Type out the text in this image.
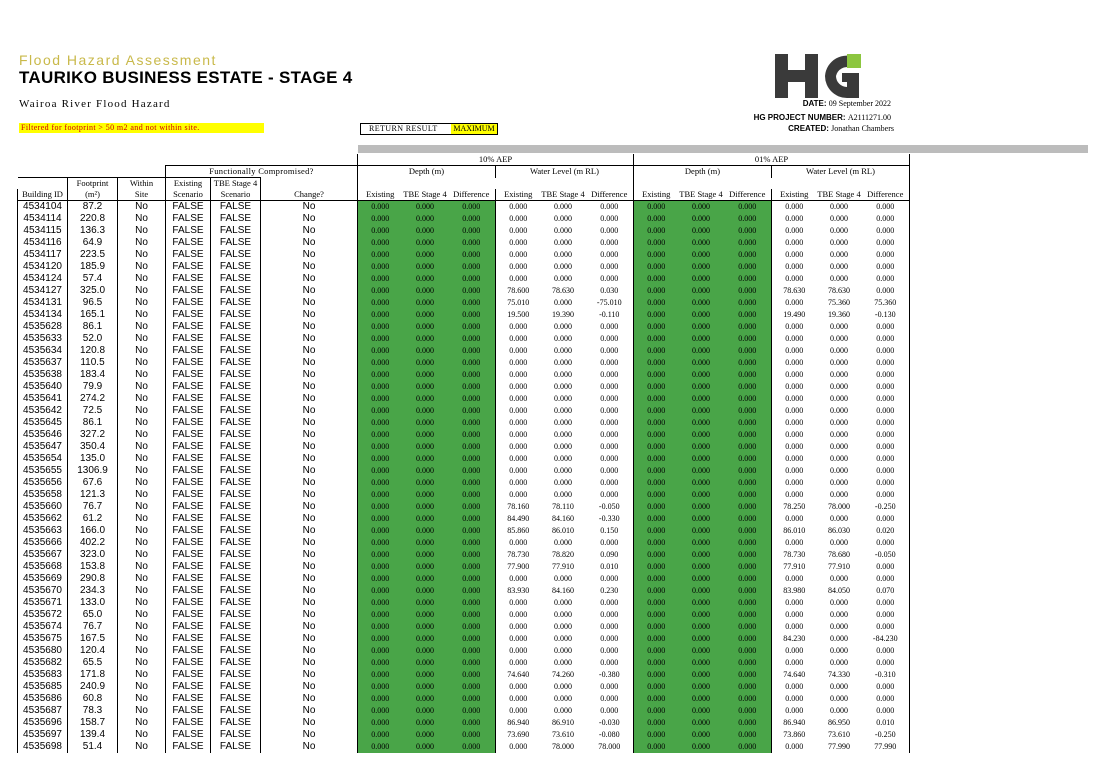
Flood Hazard Assessment
TAURIKO BUSINESS ESTATE - STAGE 4
Wairoa River Flood Hazard
Filtered for footprint > 50 m2 and not within site.	RETURN RESULT MAXIMUM
DATE: 09 September 2022
HG PROJECT NUMBER: A2111271.00
CREATED: Jonathan Chambers
						10% AEP						01% AEP					
			Functionally Compromised?			Depth (m)			Water Level (m RL)			Depth (m)			Water Level (m RL)		
	Footprint	Within	Existing	TBE Stage 4													
Building ID	(m²)	Site	Scenario	Scenario	Change?	Existing	TBE Stage 4	Difference	Existing	TBE Stage 4	Difference	Existing	TBE Stage 4	Difference	Existing	TBE Stage 4	Difference
4534104	87.2	No	FALSE	FALSE	No	0.000	0.000	0.000	0.000	0.000	0.000	0.000	0.000	0.000	0.000	0.000	0.000
4534114	220.8	No	FALSE	FALSE	No	0.000	0.000	0.000	0.000	0.000	0.000	0.000	0.000	0.000	0.000	0.000	0.000
4534115	136.3	No	FALSE	FALSE	No	0.000	0.000	0.000	0.000	0.000	0.000	0.000	0.000	0.000	0.000	0.000	0.000
4534116	64.9	No	FALSE	FALSE	No	0.000	0.000	0.000	0.000	0.000	0.000	0.000	0.000	0.000	0.000	0.000	0.000
4534117	223.5	No	FALSE	FALSE	No	0.000	0.000	0.000	0.000	0.000	0.000	0.000	0.000	0.000	0.000	0.000	0.000
4534120	185.9	No	FALSE	FALSE	No	0.000	0.000	0.000	0.000	0.000	0.000	0.000	0.000	0.000	0.000	0.000	0.000
4534124	57.4	No	FALSE	FALSE	No	0.000	0.000	0.000	0.000	0.000	0.000	0.000	0.000	0.000	0.000	0.000	0.000
4534127	325.0	No	FALSE	FALSE	No	0.000	0.000	0.000	78.600	78.630	0.030	0.000	0.000	0.000	78.630	78.630	0.000
4534131	96.5	No	FALSE	FALSE	No	0.000	0.000	0.000	75.010	0.000	-75.010	0.000	0.000	0.000	0.000	75.360	75.360
4534134	165.1	No	FALSE	FALSE	No	0.000	0.000	0.000	19.500	19.390	-0.110	0.000	0.000	0.000	19.490	19.360	-0.130
4535628	86.1	No	FALSE	FALSE	No	0.000	0.000	0.000	0.000	0.000	0.000	0.000	0.000	0.000	0.000	0.000	0.000
4535633	52.0	No	FALSE	FALSE	No	0.000	0.000	0.000	0.000	0.000	0.000	0.000	0.000	0.000	0.000	0.000	0.000
4535634	120.8	No	FALSE	FALSE	No	0.000	0.000	0.000	0.000	0.000	0.000	0.000	0.000	0.000	0.000	0.000	0.000
4535637	110.5	No	FALSE	FALSE	No	0.000	0.000	0.000	0.000	0.000	0.000	0.000	0.000	0.000	0.000	0.000	0.000
4535638	183.4	No	FALSE	FALSE	No	0.000	0.000	0.000	0.000	0.000	0.000	0.000	0.000	0.000	0.000	0.000	0.000
4535640	79.9	No	FALSE	FALSE	No	0.000	0.000	0.000	0.000	0.000	0.000	0.000	0.000	0.000	0.000	0.000	0.000
4535641	274.2	No	FALSE	FALSE	No	0.000	0.000	0.000	0.000	0.000	0.000	0.000	0.000	0.000	0.000	0.000	0.000
4535642	72.5	No	FALSE	FALSE	No	0.000	0.000	0.000	0.000	0.000	0.000	0.000	0.000	0.000	0.000	0.000	0.000
4535645	86.1	No	FALSE	FALSE	No	0.000	0.000	0.000	0.000	0.000	0.000	0.000	0.000	0.000	0.000	0.000	0.000
4535646	327.2	No	FALSE	FALSE	No	0.000	0.000	0.000	0.000	0.000	0.000	0.000	0.000	0.000	0.000	0.000	0.000
4535647	350.4	No	FALSE	FALSE	No	0.000	0.000	0.000	0.000	0.000	0.000	0.000	0.000	0.000	0.000	0.000	0.000
4535654	135.0	No	FALSE	FALSE	No	0.000	0.000	0.000	0.000	0.000	0.000	0.000	0.000	0.000	0.000	0.000	0.000
4535655	1306.9	No	FALSE	FALSE	No	0.000	0.000	0.000	0.000	0.000	0.000	0.000	0.000	0.000	0.000	0.000	0.000
4535656	67.6	No	FALSE	FALSE	No	0.000	0.000	0.000	0.000	0.000	0.000	0.000	0.000	0.000	0.000	0.000	0.000
4535658	121.3	No	FALSE	FALSE	No	0.000	0.000	0.000	0.000	0.000	0.000	0.000	0.000	0.000	0.000	0.000	0.000
4535660	76.7	No	FALSE	FALSE	No	0.000	0.000	0.000	78.160	78.110	-0.050	0.000	0.000	0.000	78.250	78.000	-0.250
4535662	61.2	No	FALSE	FALSE	No	0.000	0.000	0.000	84.490	84.160	-0.330	0.000	0.000	0.000	0.000	0.000	0.000
4535663	166.0	No	FALSE	FALSE	No	0.000	0.000	0.000	85.860	86.010	0.150	0.000	0.000	0.000	86.010	86.030	0.020
4535666	402.2	No	FALSE	FALSE	No	0.000	0.000	0.000	0.000	0.000	0.000	0.000	0.000	0.000	0.000	0.000	0.000
4535667	323.0	No	FALSE	FALSE	No	0.000	0.000	0.000	78.730	78.820	0.090	0.000	0.000	0.000	78.730	78.680	-0.050
4535668	153.8	No	FALSE	FALSE	No	0.000	0.000	0.000	77.900	77.910	0.010	0.000	0.000	0.000	77.910	77.910	0.000
4535669	290.8	No	FALSE	FALSE	No	0.000	0.000	0.000	0.000	0.000	0.000	0.000	0.000	0.000	0.000	0.000	0.000
4535670	234.3	No	FALSE	FALSE	No	0.000	0.000	0.000	83.930	84.160	0.230	0.000	0.000	0.000	83.980	84.050	0.070
4535671	133.0	No	FALSE	FALSE	No	0.000	0.000	0.000	0.000	0.000	0.000	0.000	0.000	0.000	0.000	0.000	0.000
4535672	65.0	No	FALSE	FALSE	No	0.000	0.000	0.000	0.000	0.000	0.000	0.000	0.000	0.000	0.000	0.000	0.000
4535674	76.7	No	FALSE	FALSE	No	0.000	0.000	0.000	0.000	0.000	0.000	0.000	0.000	0.000	0.000	0.000	0.000
4535675	167.5	No	FALSE	FALSE	No	0.000	0.000	0.000	0.000	0.000	0.000	0.000	0.000	0.000	84.230	0.000	-84.230
4535680	120.4	No	FALSE	FALSE	No	0.000	0.000	0.000	0.000	0.000	0.000	0.000	0.000	0.000	0.000	0.000	0.000
4535682	65.5	No	FALSE	FALSE	No	0.000	0.000	0.000	0.000	0.000	0.000	0.000	0.000	0.000	0.000	0.000	0.000
4535683	171.8	No	FALSE	FALSE	No	0.000	0.000	0.000	74.640	74.260	-0.380	0.000	0.000	0.000	74.640	74.330	-0.310
4535685	240.9	No	FALSE	FALSE	No	0.000	0.000	0.000	0.000	0.000	0.000	0.000	0.000	0.000	0.000	0.000	0.000
4535686	60.8	No	FALSE	FALSE	No	0.000	0.000	0.000	0.000	0.000	0.000	0.000	0.000	0.000	0.000	0.000	0.000
4535687	78.3	No	FALSE	FALSE	No	0.000	0.000	0.000	0.000	0.000	0.000	0.000	0.000	0.000	0.000	0.000	0.000
4535696	158.7	No	FALSE	FALSE	No	0.000	0.000	0.000	86.940	86.910	-0.030	0.000	0.000	0.000	86.940	86.950	0.010
4535697	139.4	No	FALSE	FALSE	No	0.000	0.000	0.000	73.690	73.610	-0.080	0.000	0.000	0.000	73.860	73.610	-0.250
4535698	51.4	No	FALSE	FALSE	No	0.000	0.000	0.000	0.000	78.000	78.000	0.000	0.000	0.000	0.000	77.990	77.990
